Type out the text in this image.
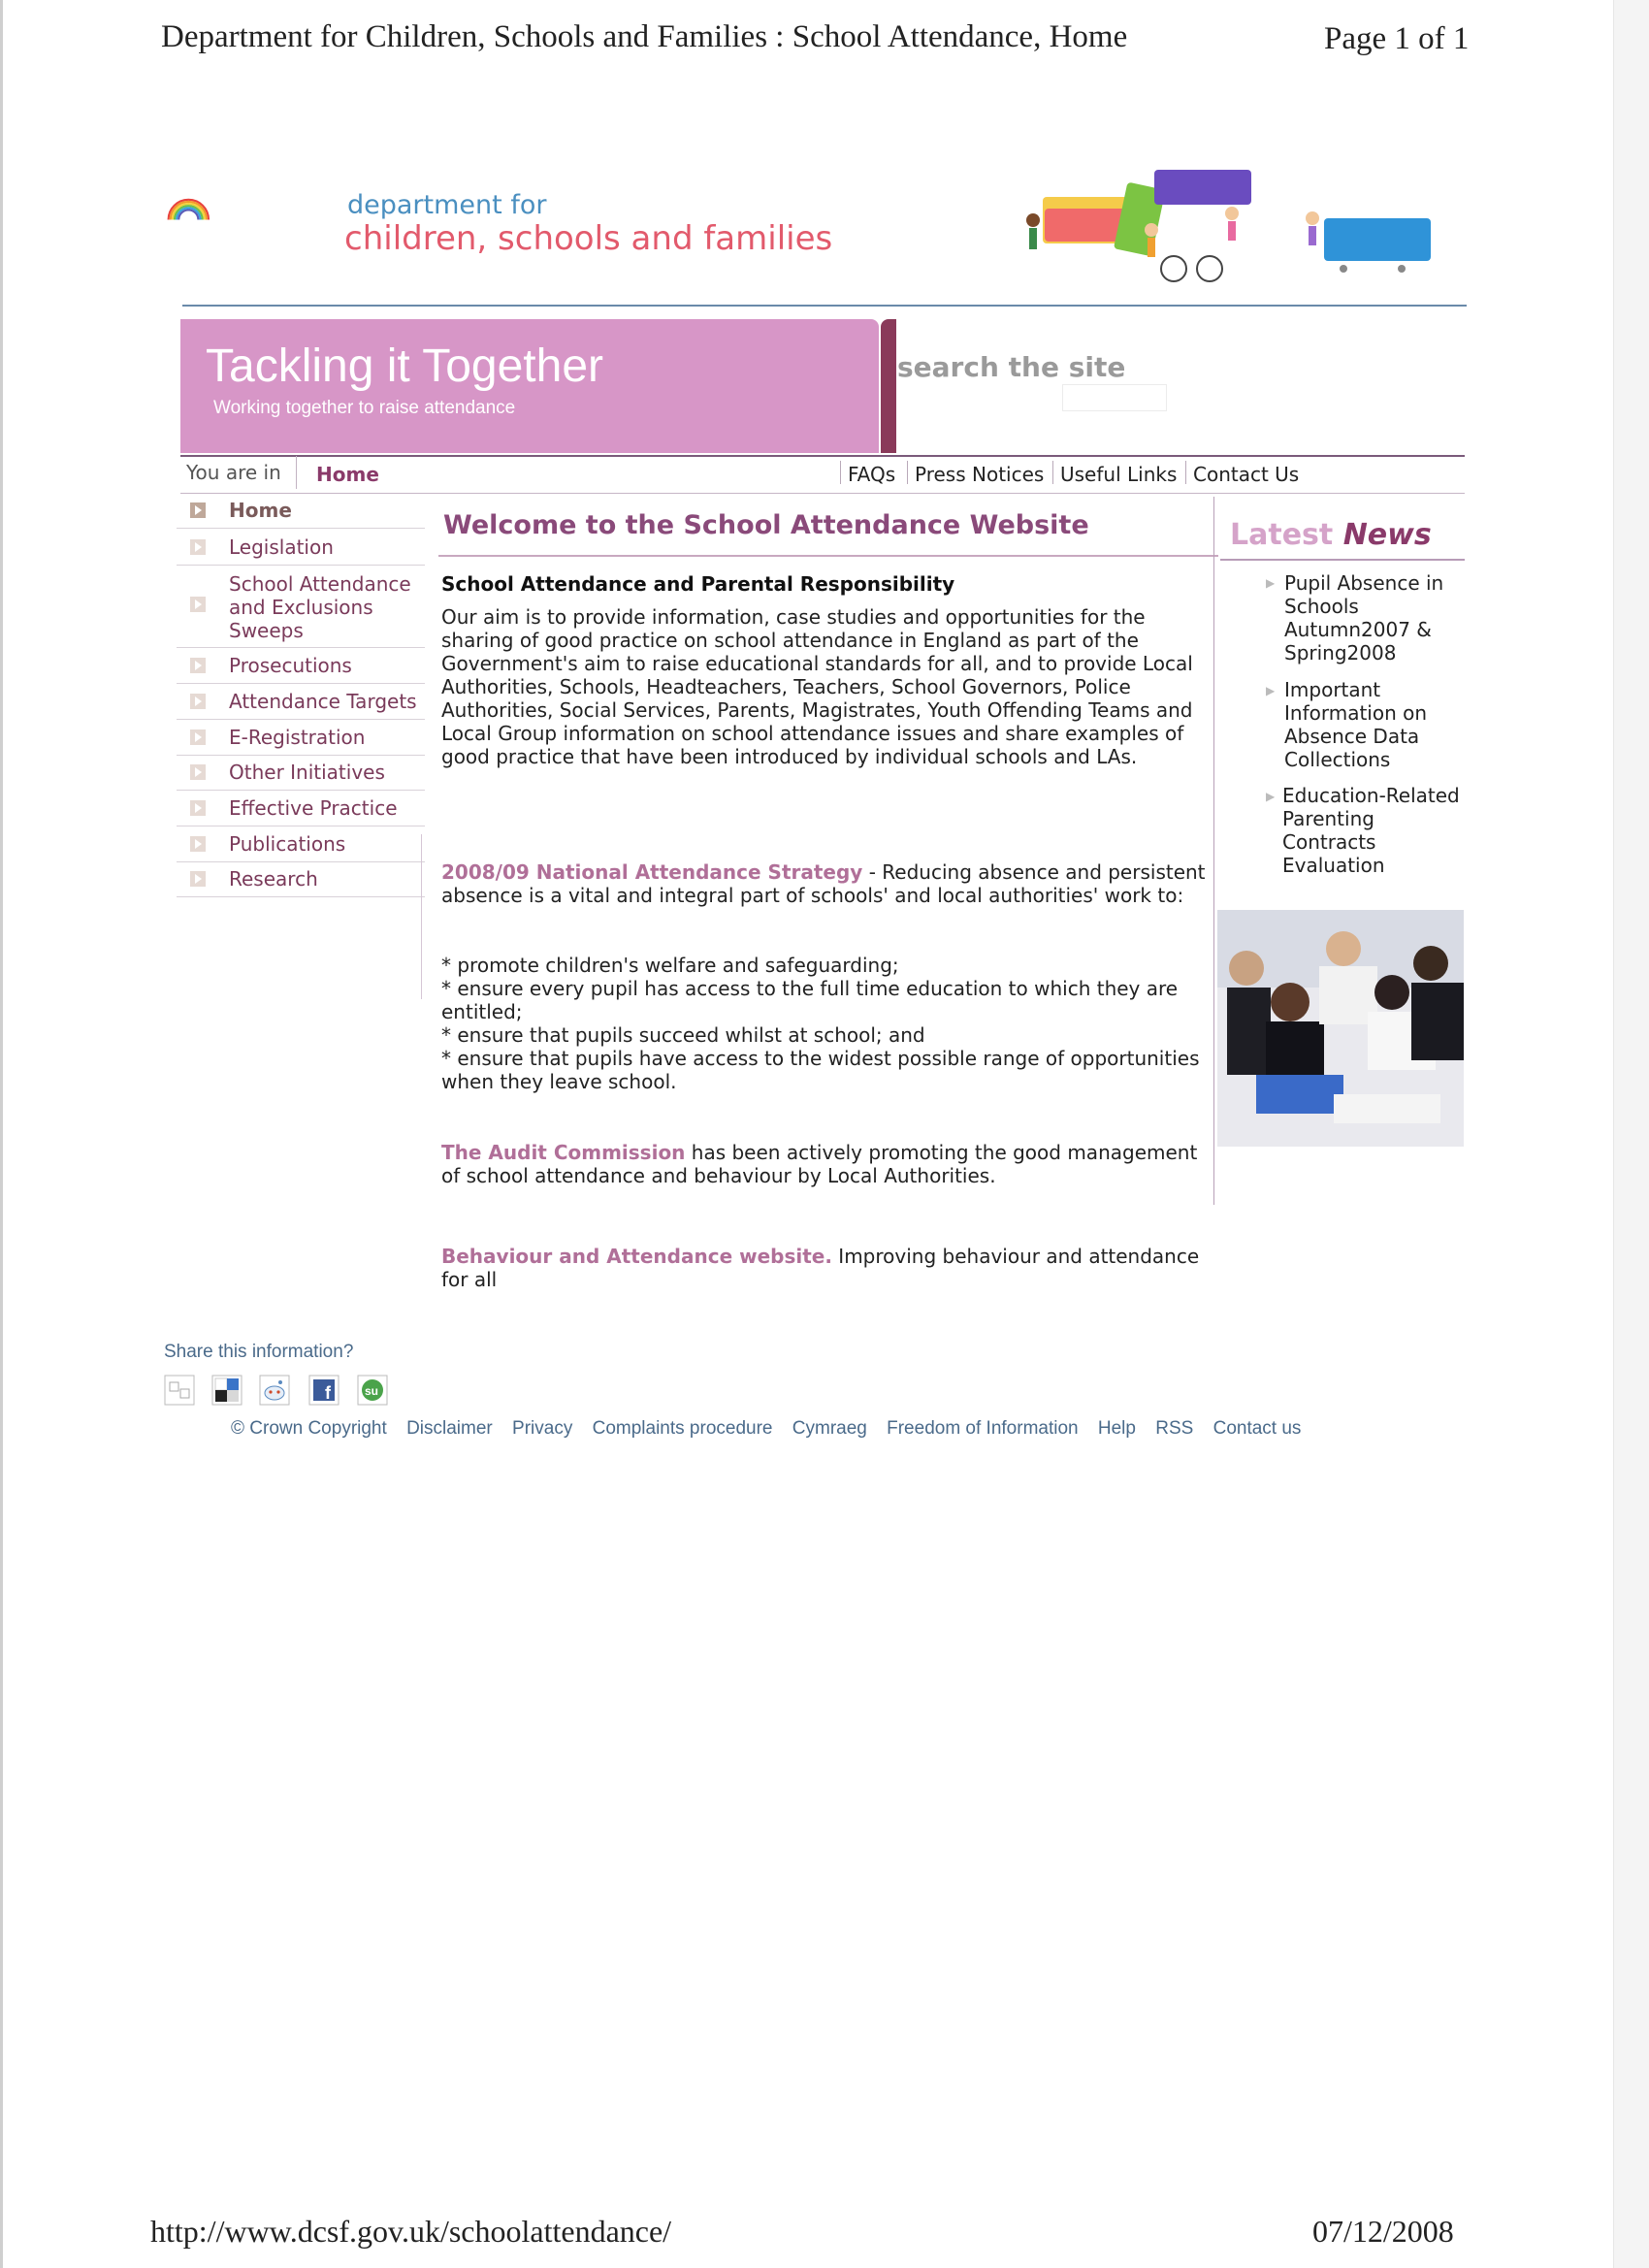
Department for Children, Schools and Families : School Attendance, Home	Page 1 of 1
department for
children, schools and families
Tackling it Together
Working together to raise attendance
search the site
You are in Home	FAQs Press Notices Useful Links Contact Us
Home
Legislation
School Attendance and Exclusions Sweeps
Prosecutions
Attendance Targets
E-Registration
Other Initiatives
Effective Practice
Publications
Research
Welcome to the School Attendance Website
School Attendance and Parental Responsibility
Our aim is to provide information, case studies and opportunities for the sharing of good practice on school attendance in England as part of the Government's aim to raise educational standards for all, and to provide Local Authorities, Schools, Headteachers, Teachers, School Governors, Police Authorities, Social Services, Parents, Magistrates, Youth Offending Teams and Local Group information on school attendance issues and share examples of good practice that have been introduced by individual schools and LAs.
2008/09 National Attendance Strategy - Reducing absence and persistent absence is a vital and integral part of schools' and local authorities' work to:
* promote children's welfare and safeguarding;
* ensure every pupil has access to the full time education to which they are entitled;
* ensure that pupils succeed whilst at school; and
* ensure that pupils have access to the widest possible range of opportunities when they leave school.
The Audit Commission has been actively promoting the good management of school attendance and behaviour by Local Authorities.
Behaviour and Attendance website. Improving behaviour and attendance for all
Latest News
▶ Pupil Absence in Schools Autumn2007 & Spring2008
▶ Important Information on Absence Data Collections
▶ Education-Related Parenting Contracts Evaluation
Share this information?
f	su
© Crown Copyright Disclaimer Privacy Complaints procedure Cymraeg Freedom of Information Help RSS Contact us
http://www.dcsf.gov.uk/schoolattendance/	07/12/2008
